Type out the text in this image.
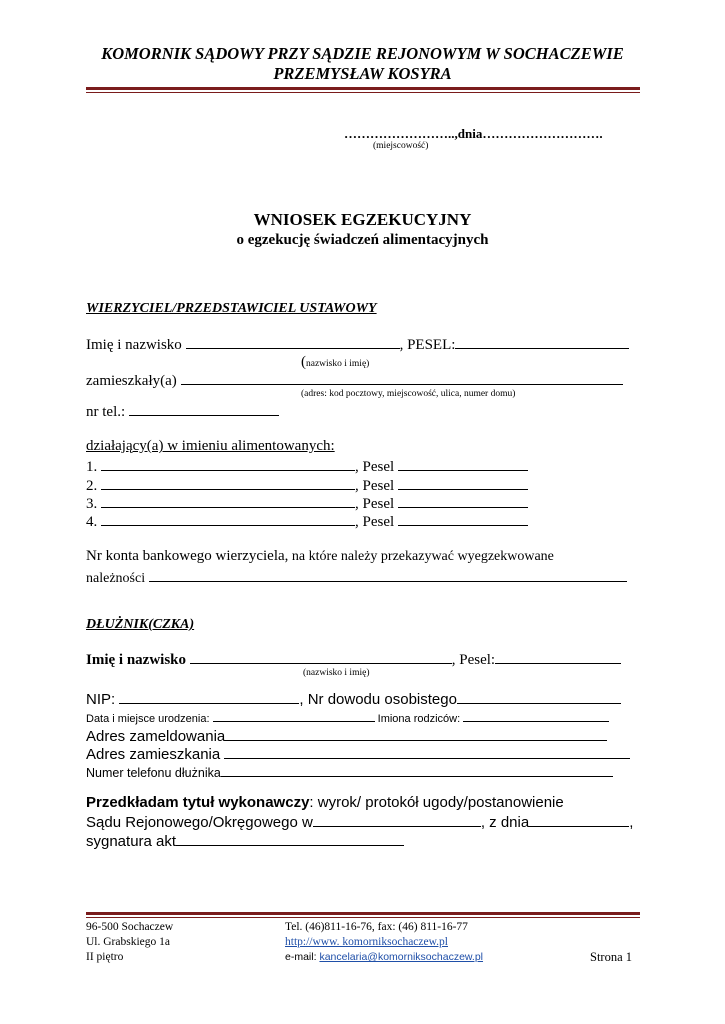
KOMORNIK SĄDOWY PRZY SĄDZIE REJONOWYM W SOCHACZEWIE
PRZEMYSŁAW KOSYRA
……………………..,dnia……………………….
(miejscowość)
WNIOSEK EGZEKUCYJNY
o egzekucję świadczeń alimentacyjnych
WIERZYCIEL/PRZEDSTAWICIEL USTAWOWY
Imię i nazwisko	, PESEL:
(nazwisko i imię)
zamieszkały(a)
(adres: kod pocztowy, miejscowość, ulica, numer domu)
nr tel.:
działający(a) w imieniu alimentowanych:
1.	, Pesel
2.	, Pesel
3.	, Pesel
4.	, Pesel
Nr konta bankowego wierzyciela, na które należy przekazywać wyegzekwowane
należności
DŁUŻNIK(CZKA)
Imię i nazwisko	, Pesel:
(nazwisko i imię)
NIP:	, Nr dowodu osobistego
Data i miejsce urodzenia:	Imiona rodziców:
Adres zameldowania
Adres zamieszkania
Numer telefonu dłużnika
Przedkładam tytuł wykonawczy: wyrok/ protokół ugody/postanowienie
Sądu Rejonowego/Okręgowego w	, z dnia	,
sygnatura akt
96-500 Sochaczew
Ul. Grabskiego 1a
II piętro
Tel. (46)811-16-76, fax: (46) 811-16-77
http://www. komorniksochaczew.pl
e-mail: kancelaria@komorniksochaczew.pl	Strona 1
